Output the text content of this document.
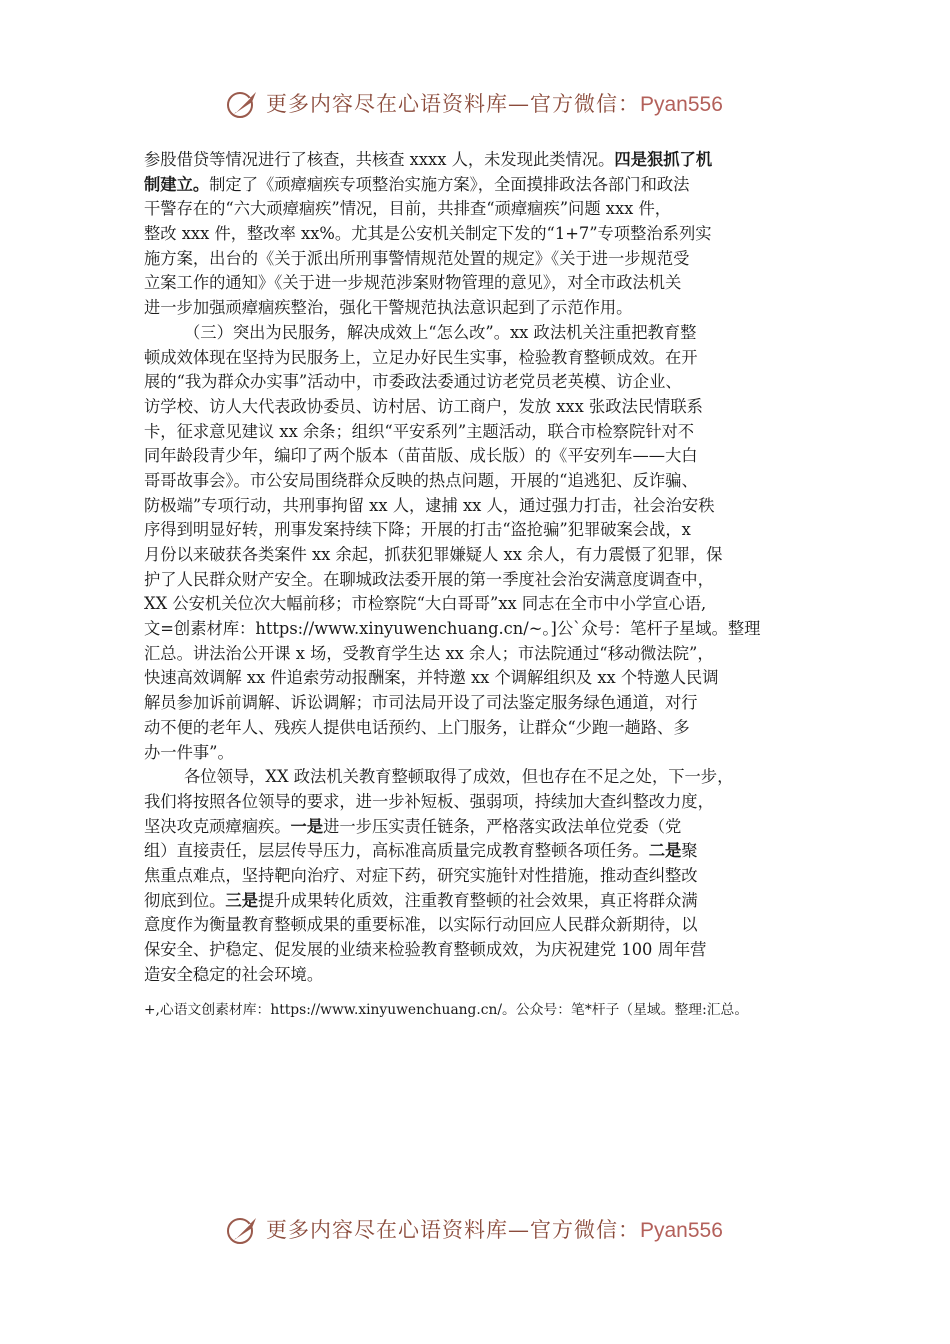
更多内容尽在心语资料库—官方微信：Pyan556
参股借贷等情况进行了核查，共核查 xxxx 人，未发现此类情况。四是狠抓了机
制建立。制定了《顽瘴痼疾专项整治实施方案》，全面摸排政法各部门和政法
干警存在的“六大顽瘴痼疾”情况，目前，共排查“顽瘴痼疾”问题 xxx 件，
整改 xxx 件，整改率 xx%。尤其是公安机关制定下发的“1+7”专项整治系列实
施方案，出台的《关于派出所刑事警情规范处置的规定》《关于进一步规范受
立案工作的通知》《关于进一步规范涉案财物管理的意见》，对全市政法机关
进一步加强顽瘴痼疾整治，强化干警规范执法意识起到了示范作用。
（三）突出为民服务，解决成效上“怎么改”。xx 政法机关注重把教育整
顿成效体现在坚持为民服务上，立足办好民生实事，检验教育整顿成效。在开
展的“我为群众办实事”活动中，市委政法委通过访老党员老英模、访企业、
访学校、访人大代表政协委员、访村居、访工商户，发放 xxx 张政法民情联系
卡，征求意见建议 xx 余条；组织“平安系列”主题活动，联合市检察院针对不
同年龄段青少年，编印了两个版本（苗苗版、成长版）的《平安列车——大白
哥哥故事会》。市公安局围绕群众反映的热点问题，开展的“追逃犯、反诈骗、
防极端”专项行动，共刑事拘留 xx 人，逮捕 xx 人，通过强力打击，社会治安秩
序得到明显好转，刑事发案持续下降；开展的打击“盗抢骗”犯罪破案会战，x
月份以来破获各类案件 xx 余起，抓获犯罪嫌疑人 xx 余人，有力震慑了犯罪，保
护了人民群众财产安全。在聊城政法委开展的第一季度社会治安满意度调查中，
XX 公安机关位次大幅前移；市检察院“大白哥哥”xx 同志在全市中小学宣心语,
文=创素材库：https://www.xinyuwenchuang.cn/~。]公`众号：笔杆子星域。整理
汇总。讲法治公开课 x 场，受教育学生达 xx 余人；市法院通过“移动微法院”，
快速高效调解 xx 件追索劳动报酬案，并特邀 xx 个调解组织及 xx 个特邀人民调
解员参加诉前调解、诉讼调解；市司法局开设了司法鉴定服务绿色通道，对行
动不便的老年人、残疾人提供电话预约、上门服务，让群众“少跑一趟路、多
办一件事”。
各位领导，XX 政法机关教育整顿取得了成效，但也存在不足之处，下一步，
我们将按照各位领导的要求，进一步补短板、强弱项，持续加大查纠整改力度，
坚决攻克顽瘴痼疾。一是进一步压实责任链条，严格落实政法单位党委（党
组）直接责任，层层传导压力，高标准高质量完成教育整顿各项任务。二是聚
焦重点难点，坚持靶向治疗、对症下药，研究实施针对性措施，推动查纠整改
彻底到位。三是提升成果转化质效，注重教育整顿的社会效果，真正将群众满
意度作为衡量教育整顿成果的重要标准，以实际行动回应人民群众新期待，以
保安全、护稳定、促发展的业绩来检验教育整顿成效，为庆祝建党 100 周年营
造安全稳定的社会环境。
+,心语文创素材库：https://www.xinyuwenchuang.cn/。公众号：笔*杆子（星域。整理:汇总。
更多内容尽在心语资料库—官方微信：Pyan556
